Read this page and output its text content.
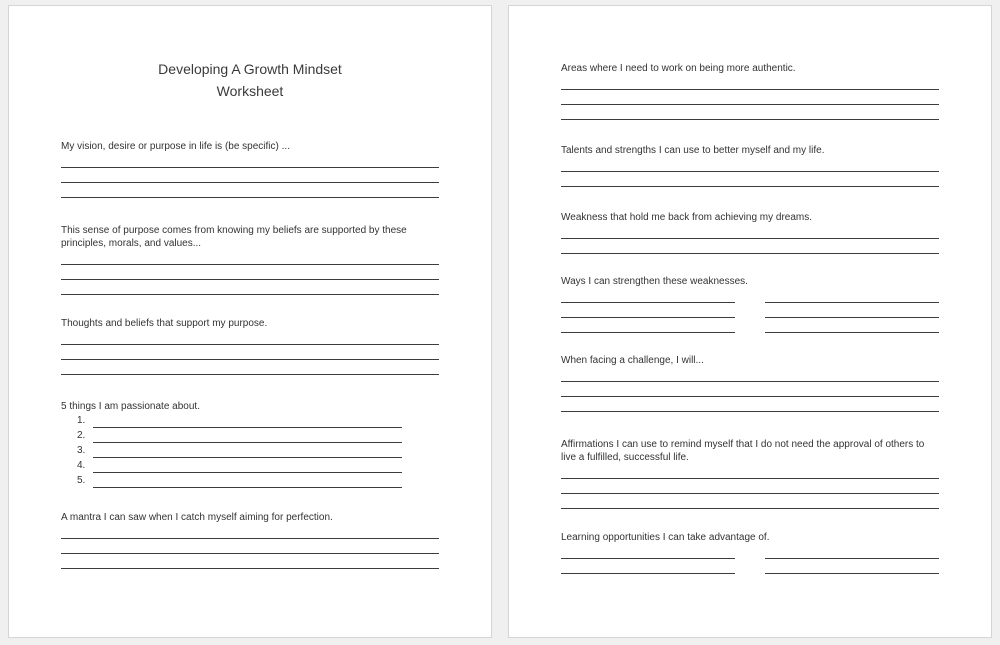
Developing A Growth Mindset
Worksheet

My vision, desire or purpose in life is (be specific) ...

This sense of purpose comes from knowing my beliefs are supported by these principles, morals, and values...

Thoughts and beliefs that support my purpose.

5 things I am passionate about.

1.
2.
3.
4.
5.

A mantra I can saw when I catch myself aiming for perfection.

Areas where I need to work on being more authentic.

Talents and strengths I can use to better myself and my life.

Weakness that hold me back from achieving my dreams.

Ways I can strengthen these weaknesses.

When facing a challenge, I will...

Affirmations I can use to remind myself that I do not need the approval of others to live a fulfilled, successful life.

Learning opportunities I can take advantage of.
